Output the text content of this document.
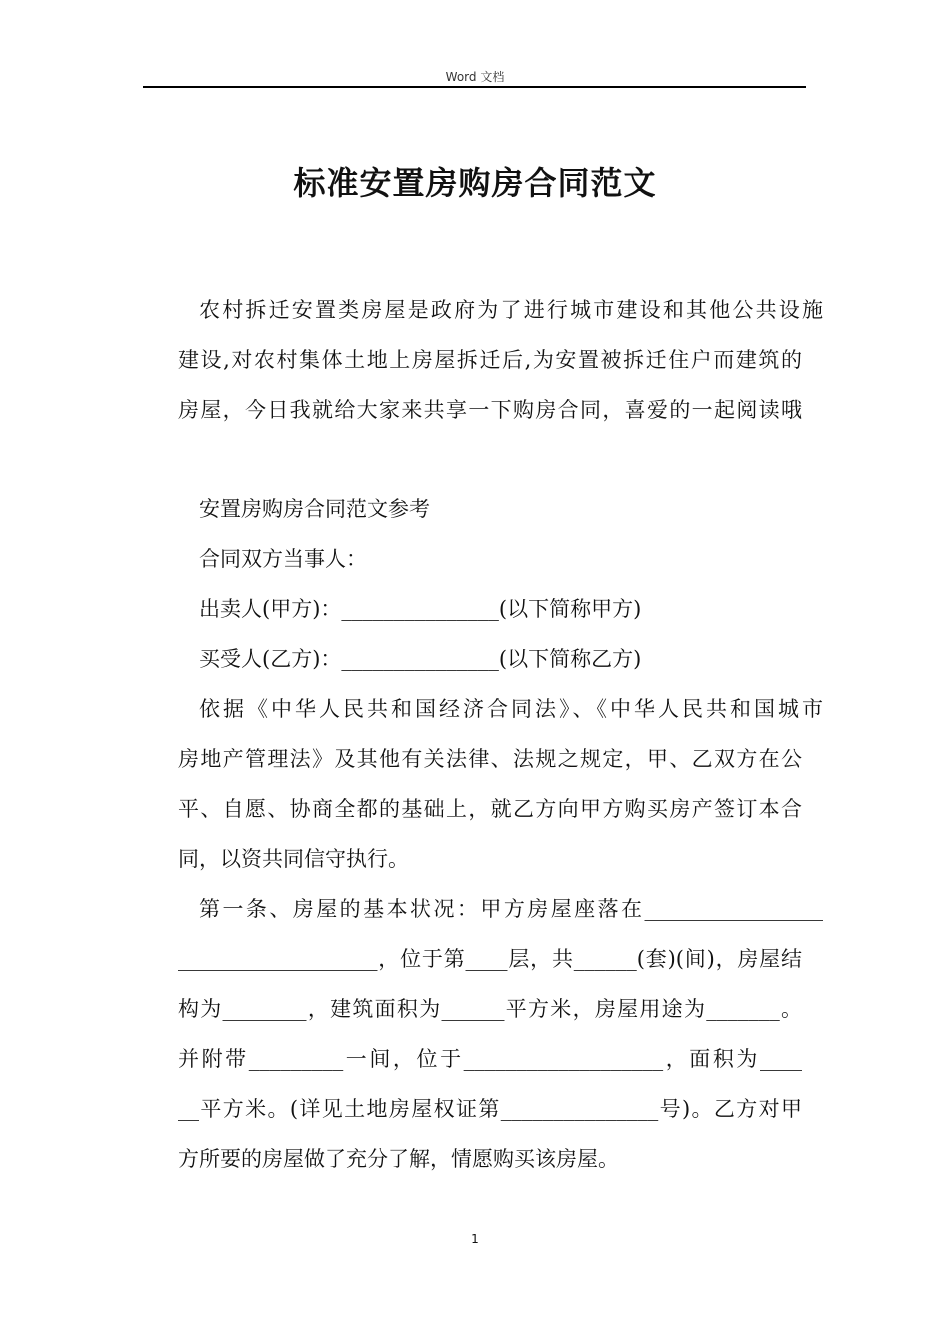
Word 文档
标准安置房购房合同范文
农村拆迁安置类房屋是政府为了进行城市建设和其他公共设施
建设,对农村集体土地上房屋拆迁后,为安置被拆迁住户而建筑的
房屋，今日我就给大家来共享一下购房合同，喜爱的一起阅读哦
安置房购房合同范文参考
合同双方当事人：
出卖人(甲方)：_______________(以下简称甲方)
买受人(乙方)：_______________(以下简称乙方)
依据《中华人民共和国经济合同法》、《中华人民共和国城市
房地产管理法》及其他有关法律、法规之规定，甲、乙双方在公
平、自愿、协商全都的基础上，就乙方向甲方购买房产签订本合
同，以资共同信守执行。
第一条、房屋的基本状况：甲方房屋座落在_________________
___________________，位于第____层，共______(套)(间)，房屋结
构为________，建筑面积为______平方米，房屋用途为_______。
并附带_________一间，位于___________________，面积为____
__平方米。(详见土地房屋权证第_______________号)。乙方对甲
方所要的房屋做了充分了解，情愿购买该房屋。
1
